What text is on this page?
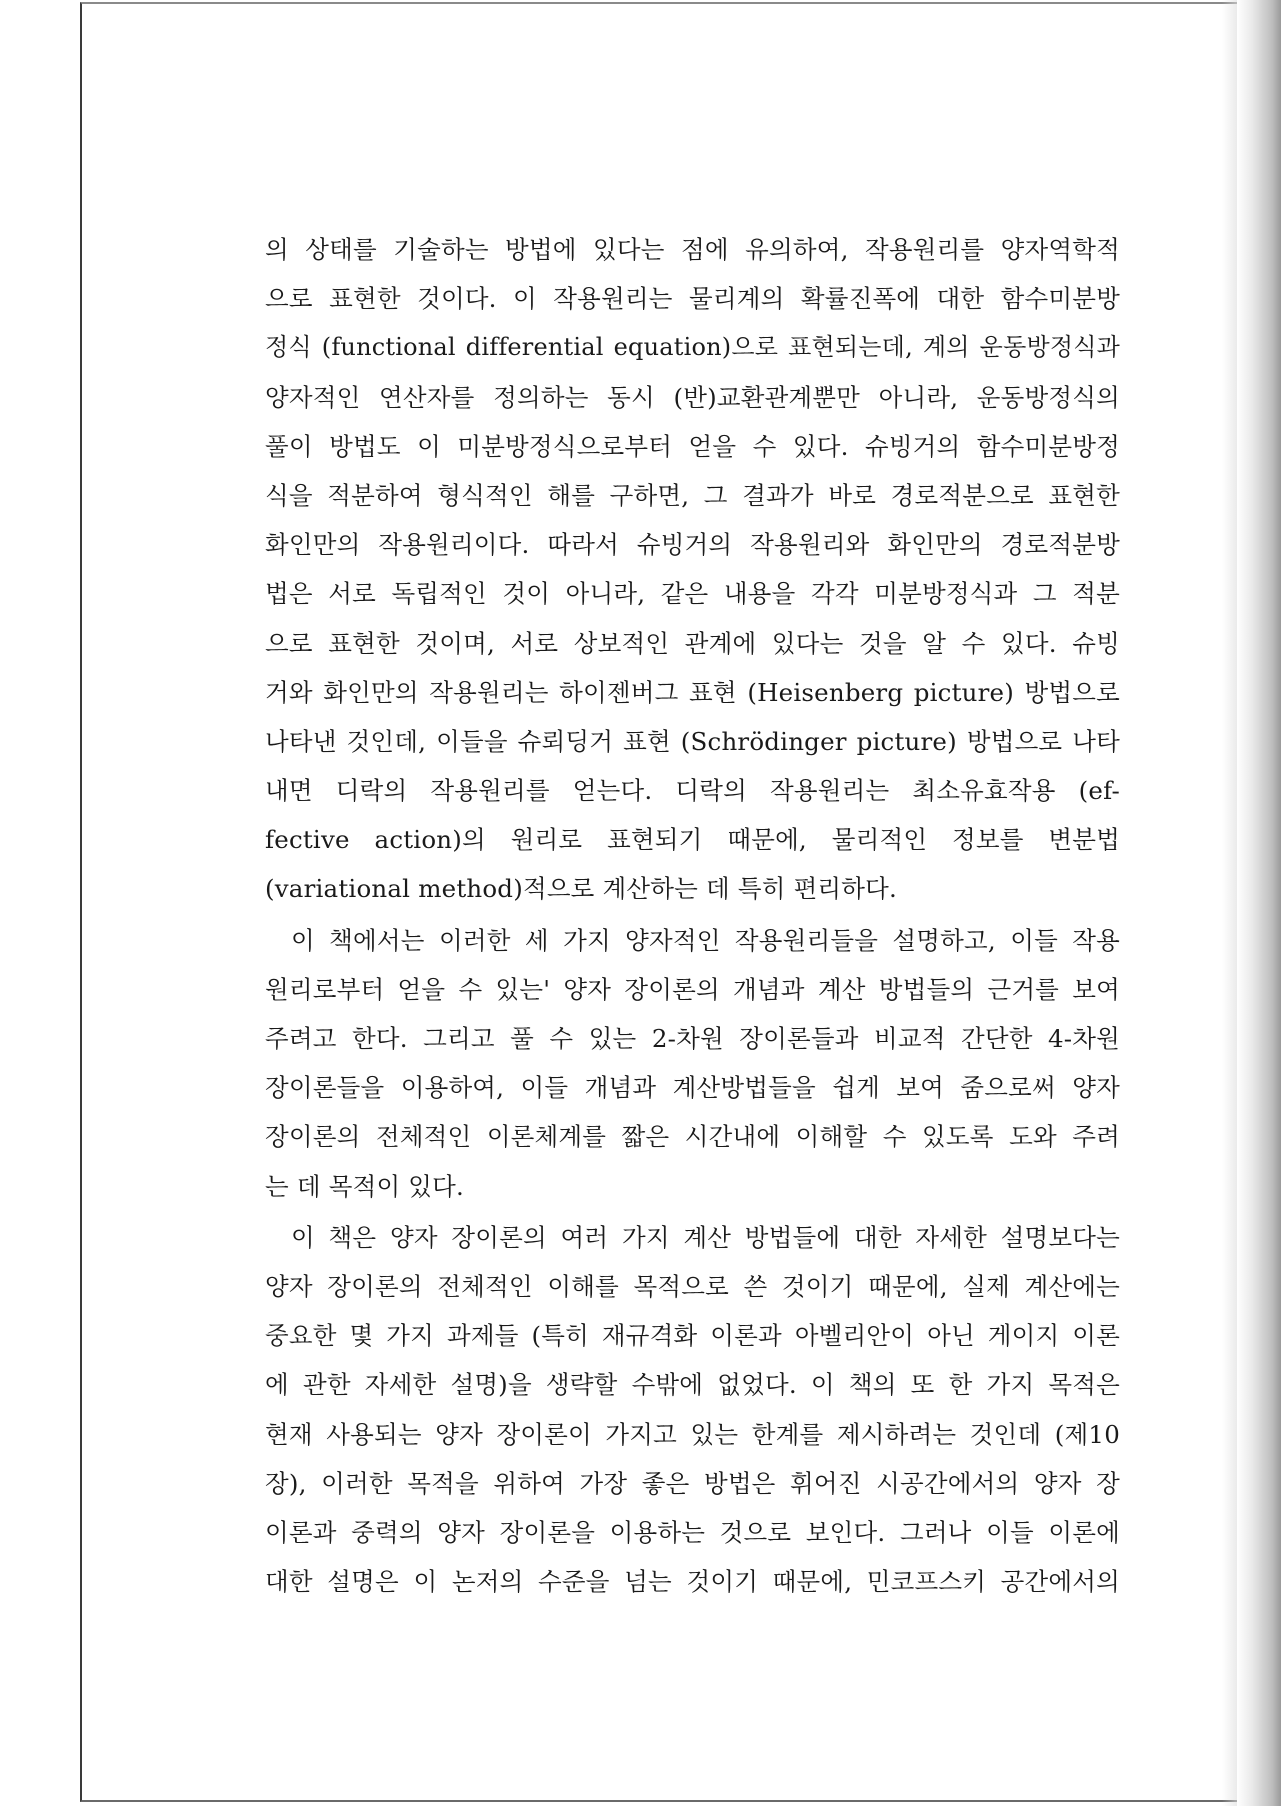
의 상태를 기술하는 방법에 있다는 점에 유의하여, 작용원리를 양자역학적
으로 표현한 것이다. 이 작용원리는 물리계의 확률진폭에 대한 함수미분방
정식 (functional differential equation)으로 표현되는데, 계의 운동방정식과
양자적인 연산자를 정의하는 동시 (반)교환관계뿐만 아니라, 운동방정식의
풀이 방법도 이 미분방정식으로부터 얻을 수 있다. 슈빙거의 함수미분방정
식을 적분하여 형식적인 해를 구하면, 그 결과가 바로 경로적분으로 표현한
화인만의 작용원리이다. 따라서 슈빙거의 작용원리와 화인만의 경로적분방
법은 서로 독립적인 것이 아니라, 같은 내용을 각각 미분방정식과 그 적분
으로 표현한 것이며, 서로 상보적인 관계에 있다는 것을 알 수 있다. 슈빙
거와 화인만의 작용원리는 하이젠버그 표현 (Heisenberg picture) 방법으로
나타낸 것인데, 이들을 슈뢰딩거 표현 (Schrödinger picture) 방법으로 나타
내면 디락의 작용원리를 얻는다. 디락의 작용원리는 최소유효작용 (ef-
fective action)의 원리로 표현되기 때문에, 물리적인 정보를 변분법
(variational method)적으로 계산하는 데 특히 편리하다.
이 책에서는 이러한 세 가지 양자적인 작용원리들을 설명하고, 이들 작용
원리로부터 얻을 수 있는' 양자 장이론의 개념과 계산 방법들의 근거를 보여
주려고 한다. 그리고 풀 수 있는 2-차원 장이론들과 비교적 간단한 4-차원
장이론들을 이용하여, 이들 개념과 계산방법들을 쉽게 보여 줌으로써 양자
장이론의 전체적인 이론체계를 짧은 시간내에 이해할 수 있도록 도와 주려
는 데 목적이 있다.
이 책은 양자 장이론의 여러 가지 계산 방법들에 대한 자세한 설명보다는
양자 장이론의 전체적인 이해를 목적으로 쓴 것이기 때문에, 실제 계산에는
중요한 몇 가지 과제들 (특히 재규격화 이론과 아벨리안이 아닌 게이지 이론
에 관한 자세한 설명)을 생략할 수밖에 없었다. 이 책의 또 한 가지 목적은
현재 사용되는 양자 장이론이 가지고 있는 한계를 제시하려는 것인데 (제10
장), 이러한 목적을 위하여 가장 좋은 방법은 휘어진 시공간에서의 양자 장
이론과 중력의 양자 장이론을 이용하는 것으로 보인다. 그러나 이들 이론에
대한 설명은 이 논저의 수준을 넘는 것이기 때문에, 민코프스키 공간에서의
